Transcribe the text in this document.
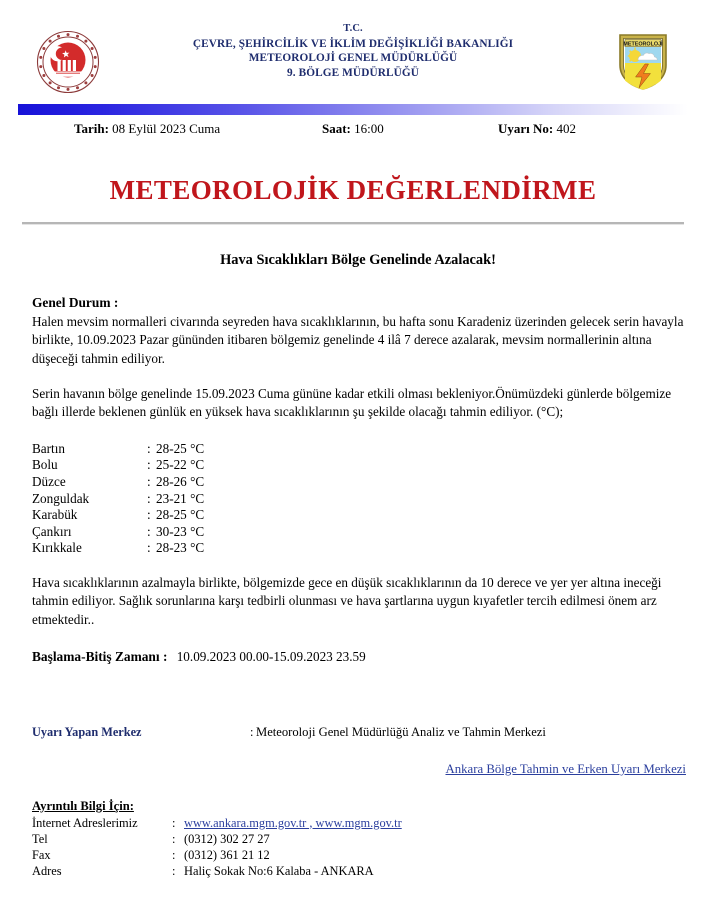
T.C.
ÇEVRE, ŞEHİRCİLİK VE İKLİM DEĞİŞİKLİĞİ BAKANLIĞI
METEOROLOJİ GENEL MÜDÜRLÜĞÜ
9. BÖLGE MÜDÜRLÜĞÜ
METEOROLOJİ
Tarih: 08 Eylül 2023 Cuma	Saat: 16:00	Uyarı No: 402
METEOROLOJİK DEĞERLENDİRME
Hava Sıcaklıkları Bölge Genelinde Azalacak!
Genel Durum :

Halen mevsim normalleri civarında seyreden hava sıcaklıklarının, bu hafta sonu Karadeniz üzerinden gelecek serin havayla birlikte, 10.09.2023 Pazar gününden itibaren bölgemiz genelinde 4 ilâ 7 derece azalarak, mevsim normallerinin altına düşeceği tahmin ediliyor.

Serin havanın bölge genelinde 15.09.2023 Cuma gününe kadar etkili olması bekleniyor.Önümüzdeki günlerde bölgemize bağlı illerde beklenen günlük en yüksek hava sıcaklıklarının şu şekilde olacağı tahmin ediliyor. (°C);

Bartın	: 28-25 °C
Bolu	: 25-22 °C
Düzce	: 28-26 °C
Zonguldak	: 23-21 °C
Karabük	: 28-25 °C
Çankırı	: 30-23 °C
Kırıkkale	: 28-23 °C

Hava sıcaklıklarının azalmayla birlikte, bölgemizde gece en düşük sıcaklıklarının da 10 derece ve yer yer altına ineceği tahmin ediliyor. Sağlık sorunlarına karşı tedbirli olunması ve hava şartlarına uygun kıyafetler tercih edilmesi önem arz etmektedir..

Başlama-Bitiş Zamanı : 10.09.2023 00.00-15.09.2023 23.59
Uyarı Yapan Merkez	: Meteoroloji Genel Müdürlüğü Analiz ve Tahmin Merkezi
Ankara Bölge Tahmin ve Erken Uyarı Merkezi
Ayrıntılı Bilgi İçin:
İnternet Adreslerimiz	: www.ankara.mgm.gov.tr , www.mgm.gov.tr
Tel	: (0312) 302 27 27
Fax	: (0312) 361 21 12
Adres	: Haliç Sokak No:6 Kalaba - ANKARA
